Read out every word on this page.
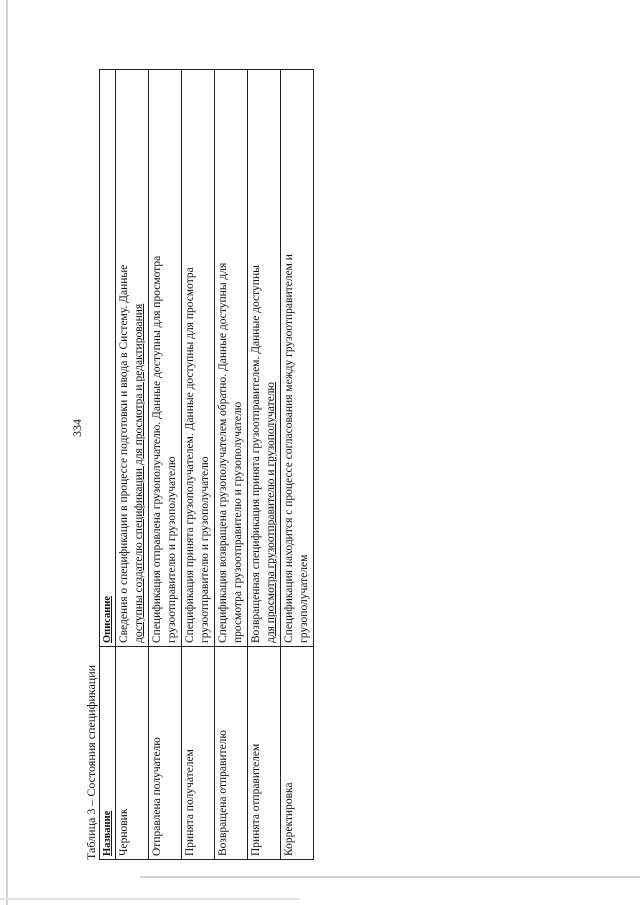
334
Таблица 3 – Состояния спецификации Название	Описание
Черновик	Сведения о спецификации в процессе подготовки и ввода в Систему. Данные доступны создателю спецификации для просмотра и редактирования
Отправлена получателю	Спецификация отправлена грузополучателю. Данные доступны для просмотра грузоотправителю и грузополучателю
Принята получателем	Спецификация принята грузополучателем. Данные доступны для просмотра грузоотправителю и грузополучателю
Возвращена отправителю	Спецификация возвращена грузополучателем обратно. Данные доступны для просмотра грузоотправителю и грузополучателю
Принята отправителем	Возвращенная спецификация принята грузоотправителем. Данные доступны для просмотра грузоотправителю и грузополучателю
Корректировка	Спецификация находится с процессе согласования между грузоотправителем и грузополучателем
